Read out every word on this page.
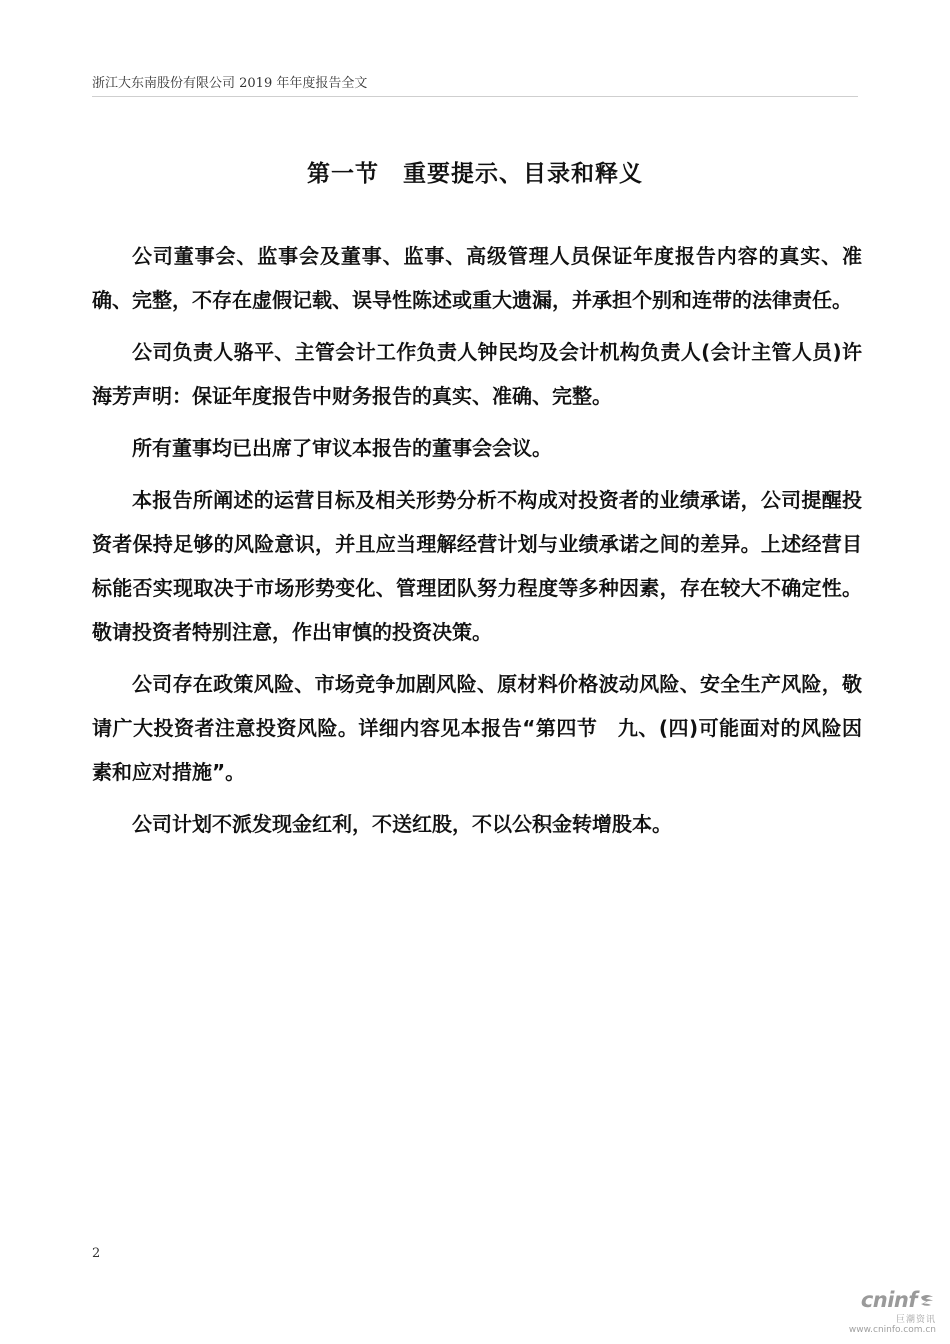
浙江大东南股份有限公司 2019 年年度报告全文
第一节　重要提示、目录和释义

公司董事会、监事会及董事、监事、高级管理人员保证年度报告内容的真实、准确、完整，不存在虚假记载、误导性陈述或重大遗漏，并承担个别和连带的法律责任。

公司负责人骆平、主管会计工作负责人钟民均及会计机构负责人(会计主管人员)许海芳声明：保证年度报告中财务报告的真实、准确、完整。

所有董事均已出席了审议本报告的董事会会议。

本报告所阐述的运营目标及相关形势分析不构成对投资者的业绩承诺，公司提醒投资者保持足够的风险意识，并且应当理解经营计划与业绩承诺之间的差异。上述经营目标能否实现取决于市场形势变化、管理团队努力程度等多种因素，存在较大不确定性。敬请投资者特别注意，作出审慎的投资决策。

公司存在政策风险、市场竞争加剧风险、原材料价格波动风险、安全生产风险，敬请广大投资者注意投资风险。详细内容见本报告“第四节　九、(四)可能面对的风险因素和应对措施”。

公司计划不派发现金红利，不送红股，不以公积金转增股本。

2
cninf
巨潮资讯
www.cninfo.com.cn
